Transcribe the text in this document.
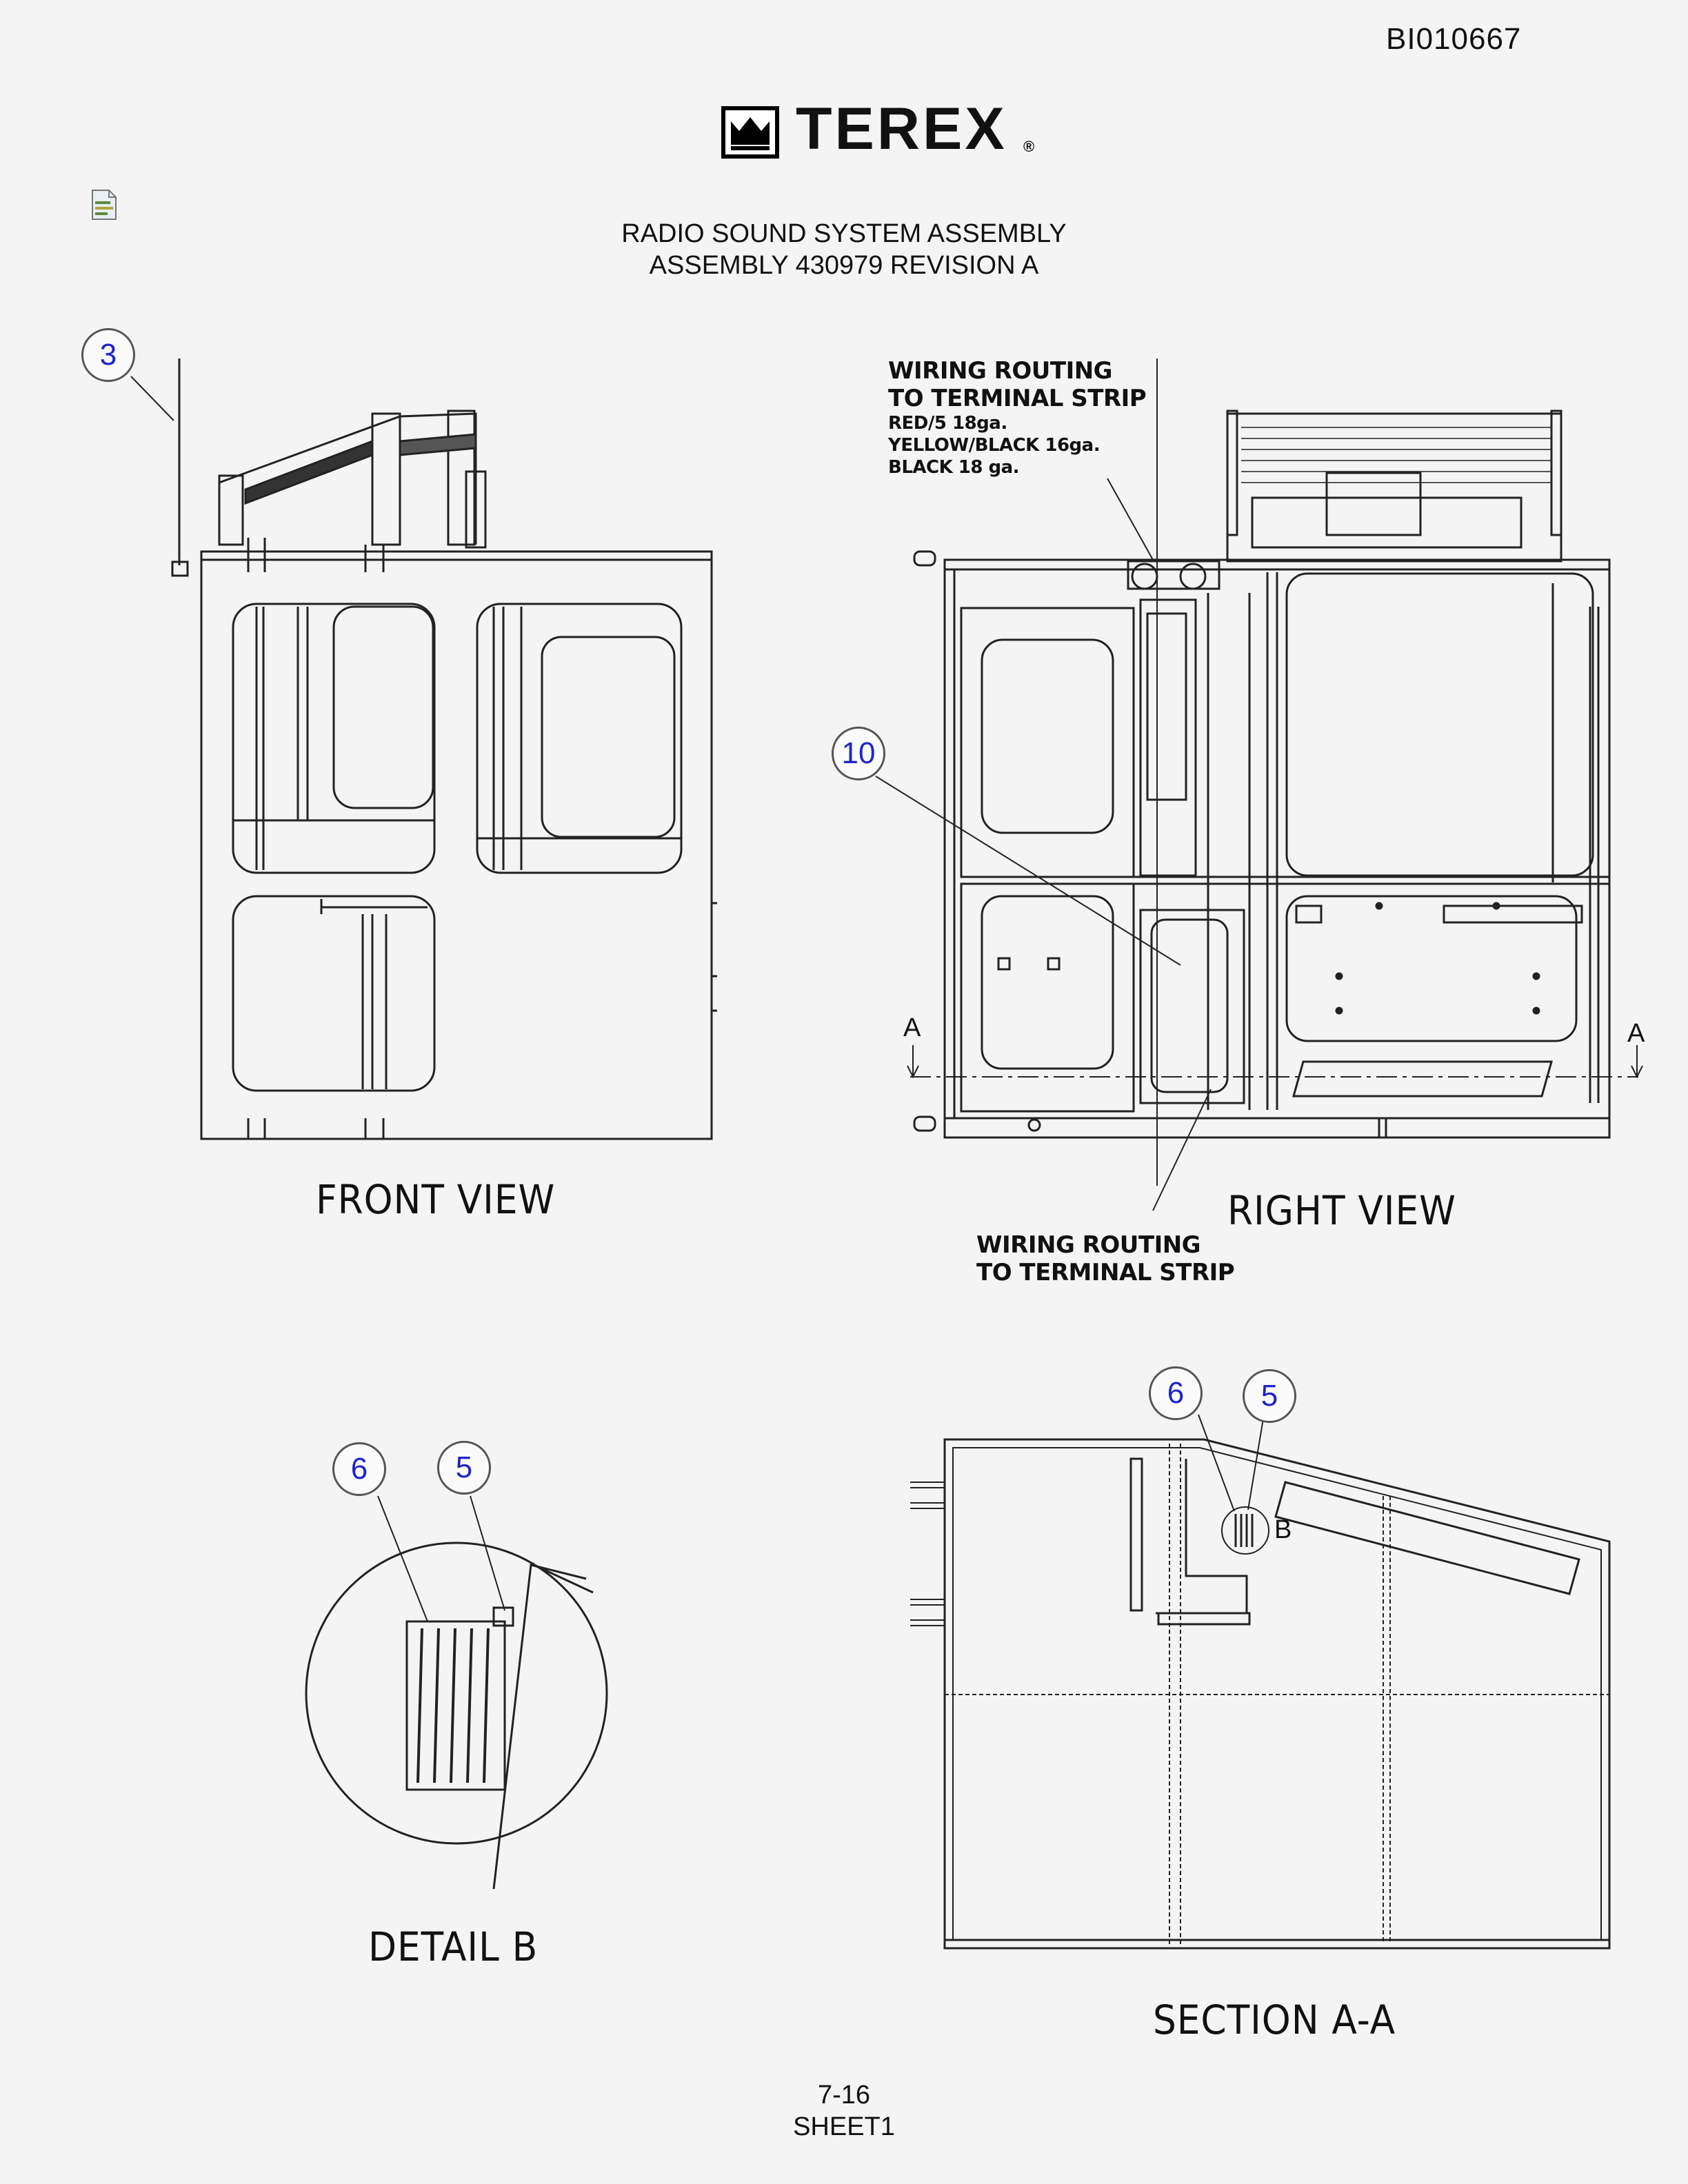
BI010667
TEREX ®
RADIO SOUND SYSTEM ASSEMBLY
ASSEMBLY 430979 REVISION A
3
10
6	5
6	5
A	A
B
WIRING ROUTING
TO TERMINAL STRIP
RED/5 18ga.
YELLOW/BLACK 16ga.
BLACK 18 ga.
WIRING ROUTING
TO TERMINAL STRIP
FRONT VIEW	RIGHT VIEW
DETAIL B
SECTION A-A
7-16
SHEET1
